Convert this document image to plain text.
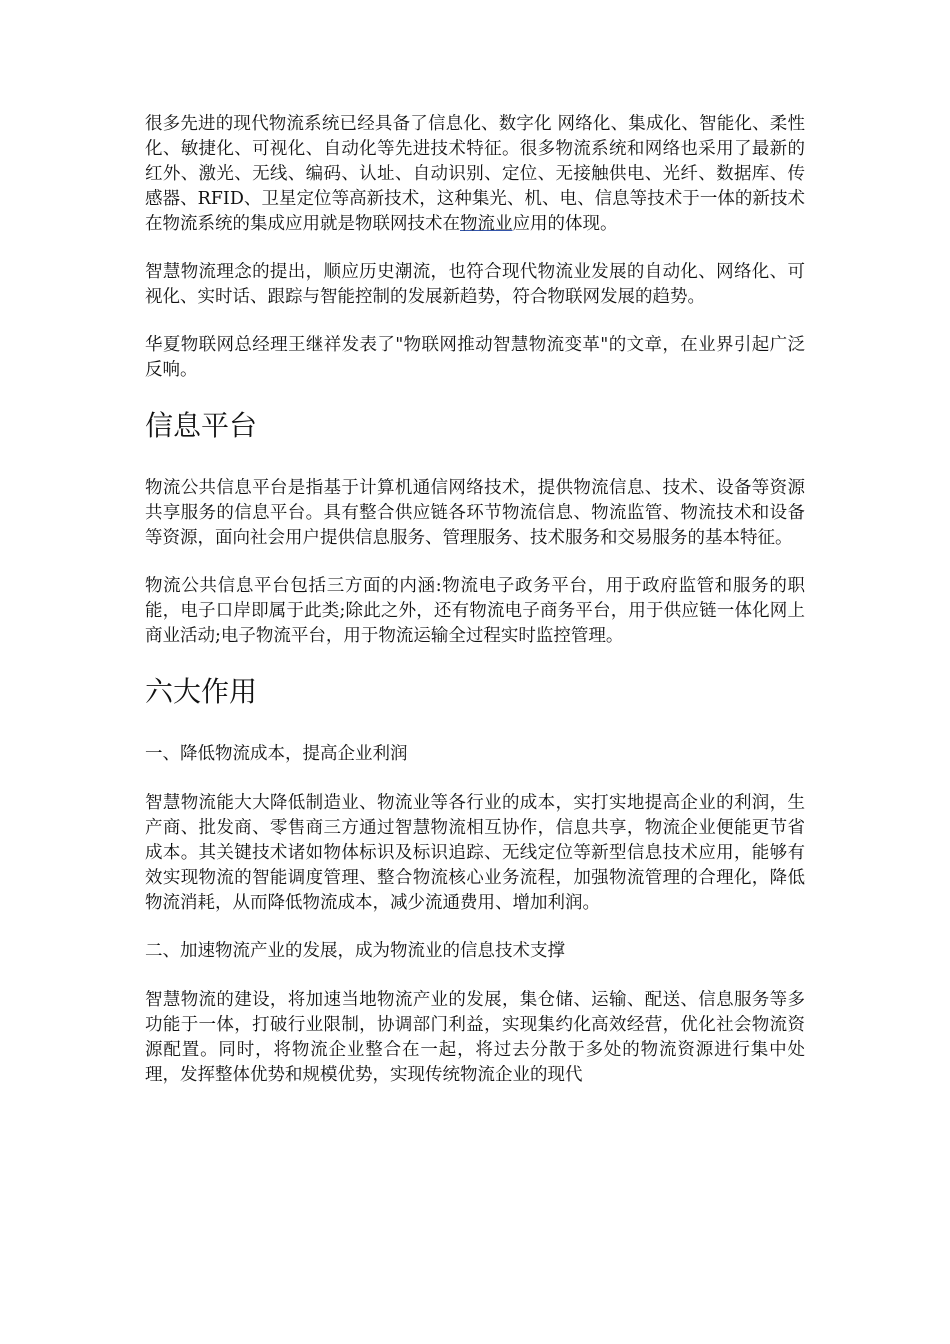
很多先进的现代物流系统已经具备了信息化、数字化 网络化、集成化、智能化、柔性化、敏捷化、可视化、自动化等先进技术特征。很多物流系统和网络也采用了最新的红外、激光、无线、编码、认址、自动识别、定位、无接触供电、光纤、数据库、传感器、RFID、卫星定位等高新技术，这种集光、机、电、信息等技术于一体的新技术在物流系统的集成应用就是物联网技术在物流业应用的体现。

智慧物流理念的提出，顺应历史潮流，也符合现代物流业发展的自动化、网络化、可视化、实时话、跟踪与智能控制的发展新趋势，符合物联网发展的趋势。

华夏物联网总经理王继祥发表了"物联网推动智慧物流变革"的文章，在业界引起广泛反响。

信息平台

物流公共信息平台是指基于计算机通信网络技术，提供物流信息、技术、设备等资源共享服务的信息平台。具有整合供应链各环节物流信息、物流监管、物流技术和设备等资源，面向社会用户提供信息服务、管理服务、技术服务和交易服务的基本特征。

物流公共信息平台包括三方面的内涵:物流电子政务平台，用于政府监管和服务的职能，电子口岸即属于此类;除此之外，还有物流电子商务平台，用于供应链一体化网上商业活动;电子物流平台，用于物流运输全过程实时监控管理。

六大作用

一、降低物流成本，提高企业利润

智慧物流能大大降低制造业、物流业等各行业的成本，实打实地提高企业的利润，生产商、批发商、零售商三方通过智慧物流相互协作，信息共享，物流企业便能更节省成本。其关键技术诸如物体标识及标识追踪、无线定位等新型信息技术应用，能够有效实现物流的智能调度管理、整合物流核心业务流程，加强物流管理的合理化，降低物流消耗，从而降低物流成本，减少流通费用、增加利润。

二、加速物流产业的发展，成为物流业的信息技术支撑

智慧物流的建设，将加速当地物流产业的发展，集仓储、运输、配送、信息服务等多功能于一体，打破行业限制，协调部门利益，实现集约化高效经营，优化社会物流资源配置。同时，将物流企业整合在一起，将过去分散于多处的物流资源进行集中处理，发挥整体优势和规模优势，实现传统物流企业的现代
